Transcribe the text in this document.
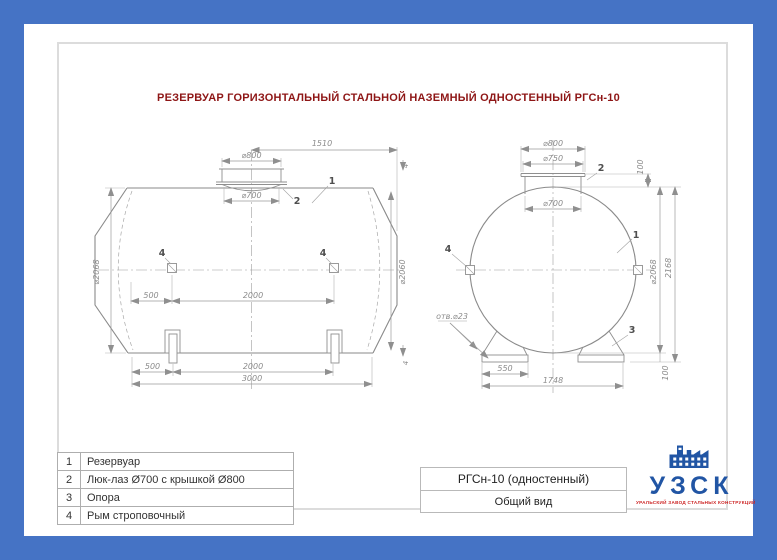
РЕЗЕРВУАР ГОРИЗОНТАЛЬНЫЙ СТАЛЬНОЙ НАЗЕМНЫЙ ОДНОСТЕННЫЙ РГСн-10
1510
⌀800
⌀700
⌀2068	⌀2060
500	2000
500	2000
3000
4
4
1
2
4	4
⌀800
⌀750
⌀700
100
⌀2068 2168
100
550
1748
отв.⌀23
1
2
3
4
1	Резервуар
2	Люк-лаз Ø700 с крышкой Ø800
3	Опора
4	Рым строповочный
РГСн-10 (одностенный)
Общий вид
УЗСК
УРАЛЬСКИЙ ЗАВОД СТАЛЬНЫХ КОНСТРУКЦИЙ
